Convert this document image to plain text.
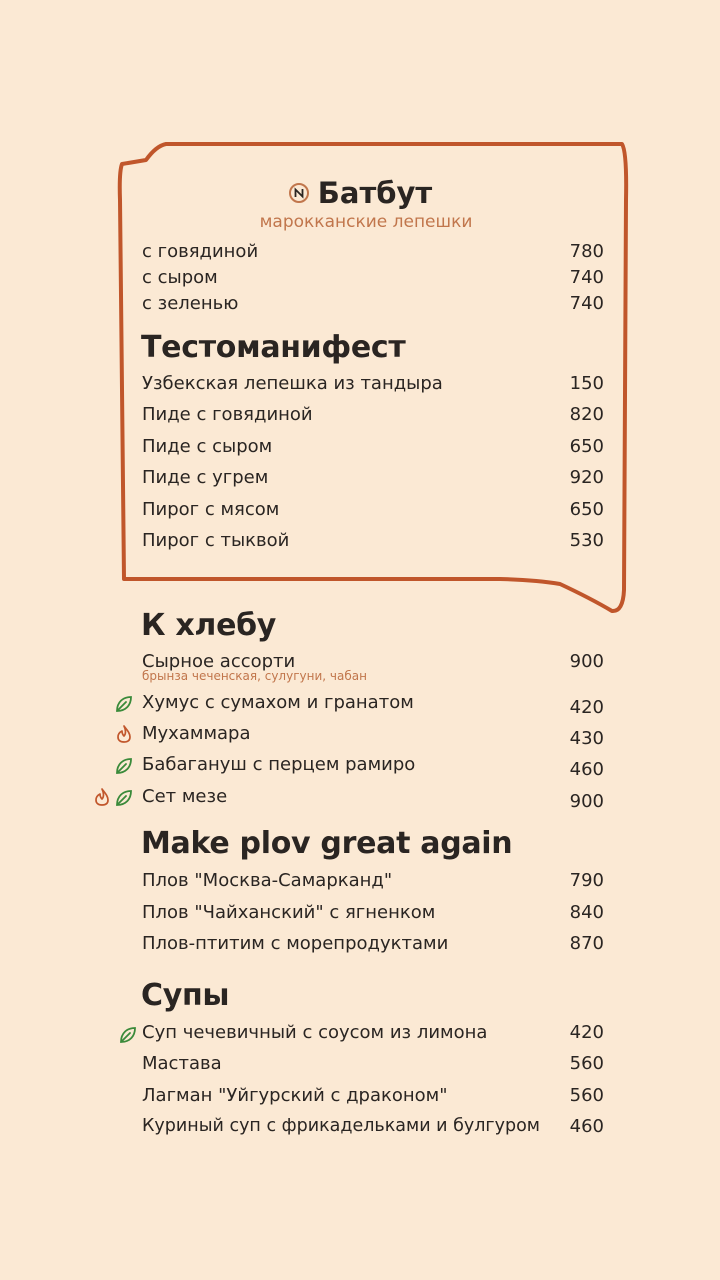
Батбут
марокканские лепешки
с говядиной	780
с сыром	740
с зеленью	740
Тестоманифест
Узбекская лепешка из тандыра	150
Пиде с говядиной	820
Пиде с сыром	650
Пиде с угрем	920
Пирог с мясом	650
Пирог с тыквой	530
К хлебу
Сырное ассорти	900
брынза чеченская, сулугуни, чабан
Хумус с сумахом и гранатом	420
Мухаммара	430
Бабагануш с перцем рамиро	460
Сет мезе	900
Make plov great again
Плов "Москва-Самарканд"	790
Плов "Чайханский" с ягненком	840
Плов-птитим с морепродуктами	870
Супы
Суп чечевичный с соусом из лимона	420
Мастава	560
Лагман "Уйгурский с драконом"	560
Куриный суп с фрикадельками и булгуром 460
